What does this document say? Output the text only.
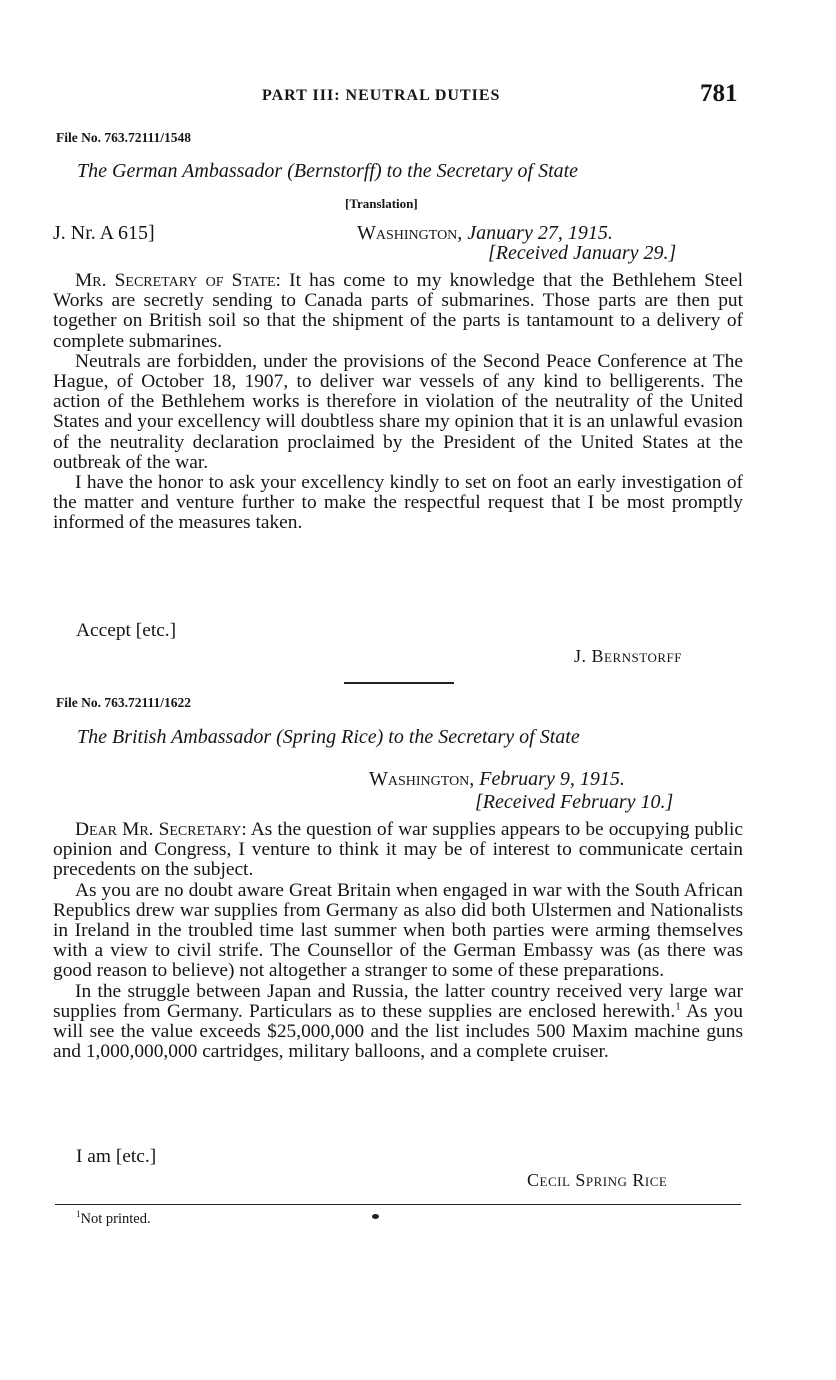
PART III: NEUTRAL DUTIES	781
File No. 763.72111/1548
The German Ambassador (Bernstorff) to the Secretary of State
[Translation]
J. Nr. A 615]	Washington, January 27, 1915.
[Received January 29.]

Mr. Secretary of State: It has come to my knowledge that the Bethlehem Steel Works are secretly sending to Canada parts of submarines. Those parts are then put together on British soil so that the shipment of the parts is tantamount to a delivery of complete submarines.

Neutrals are forbidden, under the provisions of the Second Peace Conference at The Hague, of October 18, 1907, to deliver war vessels of any kind to belligerents. The action of the Bethlehem works is therefore in violation of the neutrality of the United States and your excellency will doubtless share my opinion that it is an unlawful evasion of the neutrality declaration proclaimed by the President of the United States at the outbreak of the war.

I have the honor to ask your excellency kindly to set on foot an early investigation of the matter and venture further to make the respectful request that I be most promptly informed of the measures taken.

Accept [etc.]
J. Bernstorff
File No. 763.72111/1622
The British Ambassador (Spring Rice) to the Secretary of State
Washington, February 9, 1915.
[Received February 10.]

Dear Mr. Secretary: As the question of war supplies appears to be occupying public opinion and Congress, I venture to think it may be of interest to communicate certain precedents on the subject.

As you are no doubt aware Great Britain when engaged in war with the South African Republics drew war supplies from Germany as also did both Ulstermen and Nationalists in Ireland in the troubled time last summer when both parties were arming themselves with a view to civil strife. The Counsellor of the German Embassy was (as there was good reason to believe) not altogether a stranger to some of these preparations.

In the struggle between Japan and Russia, the latter country received very large war supplies from Germany. Particulars as to these supplies are enclosed herewith.$^1$ As you will see the value exceeds $25,000,000 and the list includes 500 Maxim machine guns and 1,000,000,000 cartridges, military balloons, and a complete cruiser.

I am [etc.]
Cecil Spring Rice
$^1$Not printed.
